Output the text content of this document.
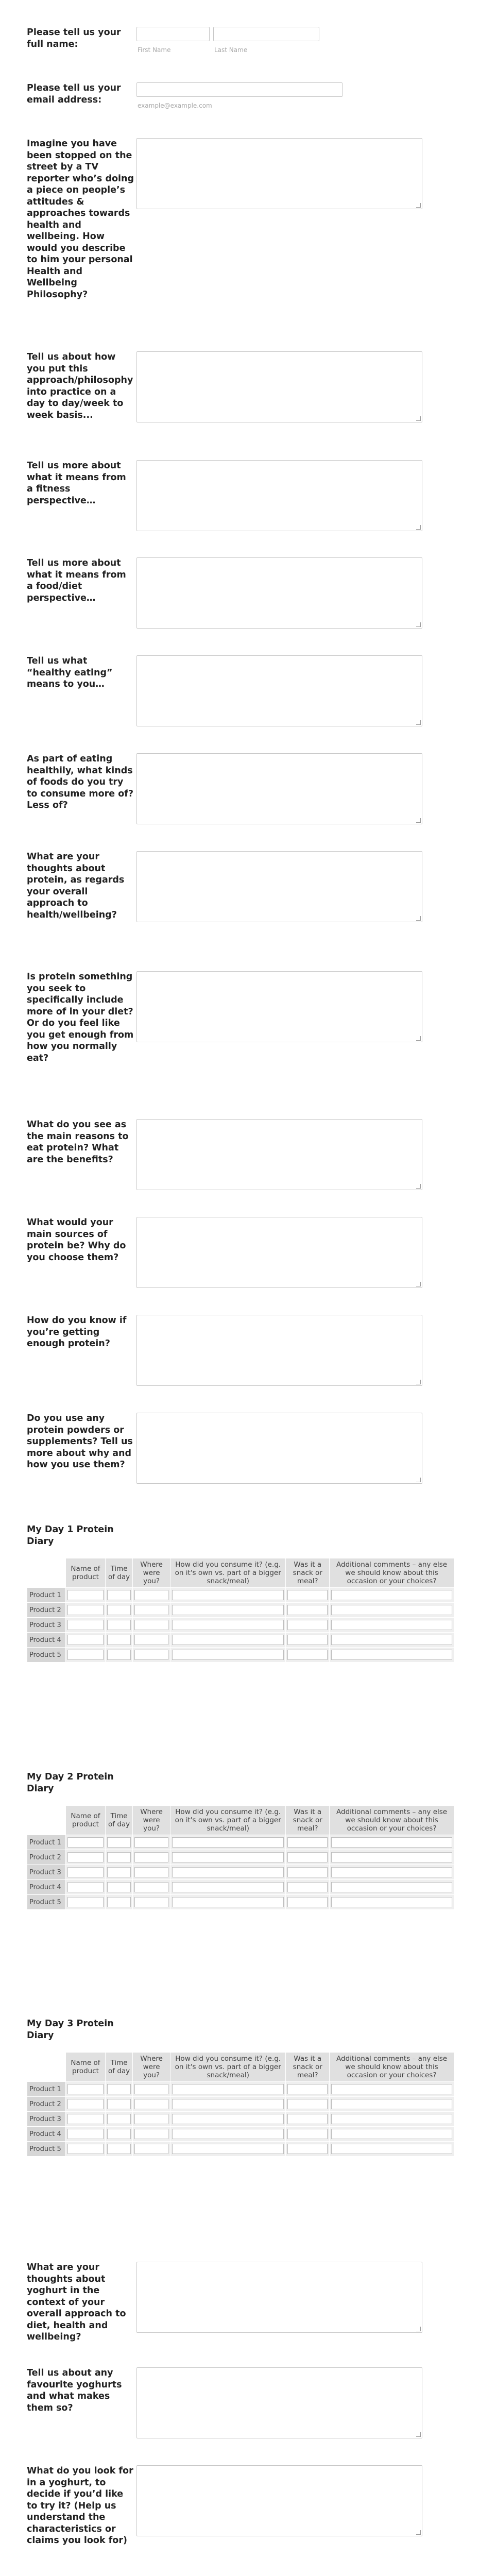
Please tell us your full name:
First Name	Last Name
Please tell us your email address:
example@example.com
Imagine you have been stopped on the street by a TV reporter who’s doing a piece on people’s attitudes & approaches towards health and wellbeing. How would you describe to him your personal Health and Wellbeing Philosophy?
Tell us about how you put this approach/philosophy into practice on a day to day/week to week basis...
Tell us more about what it means from a fitness perspective…
Tell us more about what it means from a food/diet perspective…
Tell us what “healthy eating” means to you…
As part of eating healthily, what kinds of foods do you try to consume more of? Less of?
What are your thoughts about protein, as regards your overall approach to health/wellbeing?
Is protein something you seek to specifically include more of in your diet? Or do you feel like you get enough from how you normally eat?
What do you see as the main reasons to eat protein? What are the benefits?
What would your main sources of protein be? Why do you choose them?
How do you know if you’re getting enough protein?
Do you use any protein powders or supplements? Tell us more about why and how you use them?
My Day 1 Protein Diary
	Name of product	Time of day	Where were you?	How did you consume it? (e.g. on it's own vs. part of a bigger snack/meal)	Was it a snack or meal?	Additional comments – any else we should know about this occasion or your choices?
Product 1	

Product 2	

Product 3	

Product 4	

Product 5	

My Day 2 Protein Diary
	Name of product	Time of day	Where were you?	How did you consume it? (e.g. on it's own vs. part of a bigger snack/meal)	Was it a snack or meal?	Additional comments – any else we should know about this occasion or your choices?
Product 1	

Product 2	

Product 3	

Product 4	

Product 5	

My Day 3 Protein Diary
	Name of product	Time of day	Where were you?	How did you consume it? (e.g. on it's own vs. part of a bigger snack/meal)	Was it a snack or meal?	Additional comments – any else we should know about this occasion or your choices?
Product 1	

Product 2	

Product 3	

Product 4	

Product 5	

What are your thoughts about yoghurt in the context of your overall approach to diet, health and wellbeing?
Tell us about any favourite yoghurts and what makes them so?
What do you look for in a yoghurt, to decide if you’d like to try it? (Help us understand the characteristics or claims you look for)
